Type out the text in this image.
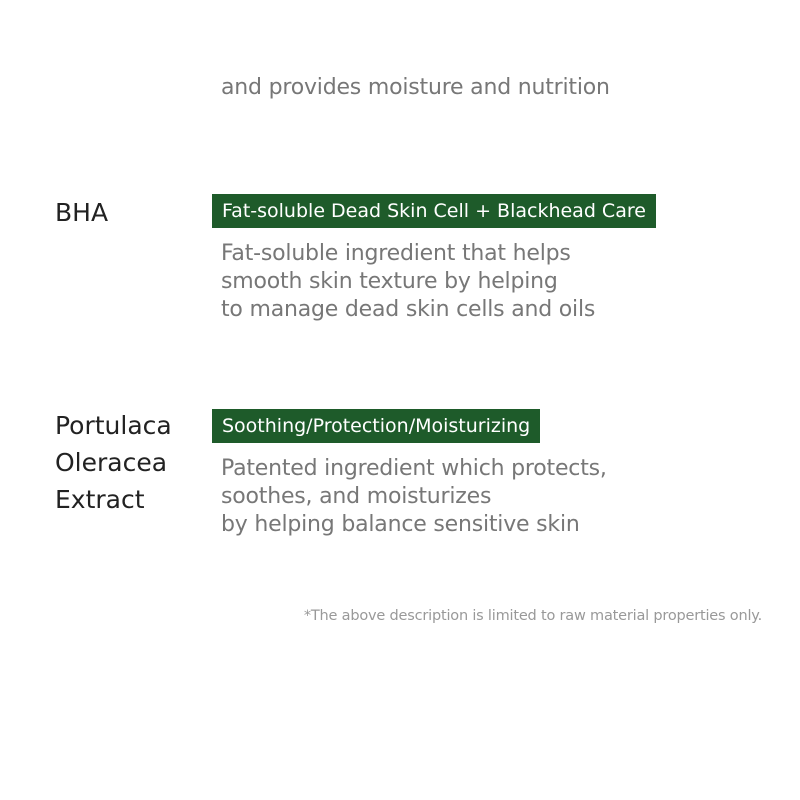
and provides moisture and nutrition
BHA	Fat-soluble Dead Skin Cell + Blackhead Care
Fat-soluble ingredient that helps
smooth skin texture by helping
to manage dead skin cells and oils
Portulaca
Oleracea
Extract
Soothing/Protection/Moisturizing
Patented ingredient which protects,
soothes, and moisturizes
by helping balance sensitive skin
*The above description is limited to raw material properties only.
